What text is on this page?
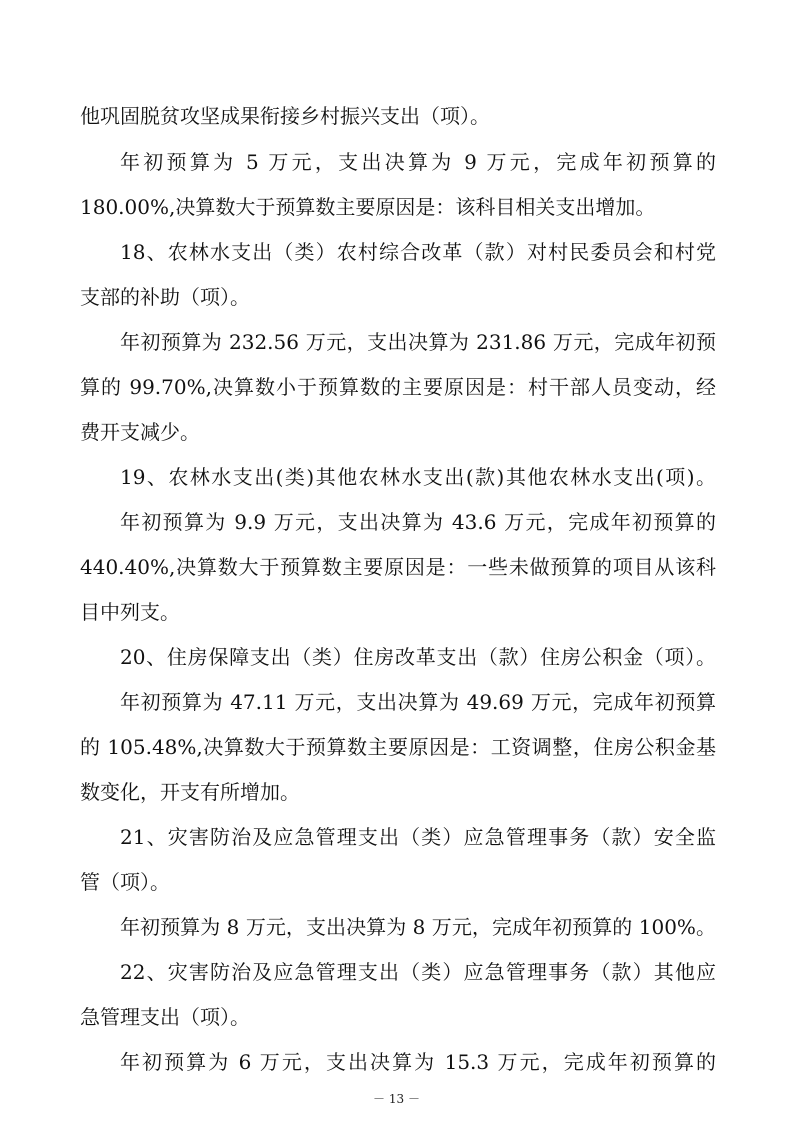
他巩固脱贫攻坚成果衔接乡村振兴支出（项）。
年初预算为 5 万元，支出决算为 9 万元，完成年初预算的
180.00%,决算数大于预算数主要原因是：该科目相关支出增加。
18、农林水支出（类）农村综合改革（款）对村民委员会和村党
支部的补助（项）。
年初预算为 232.56 万元，支出决算为 231.86 万元，完成年初预
算的 99.70%,决算数小于预算数的主要原因是：村干部人员变动，经
费开支减少。
19、农林水支出(类)其他农林水支出(款)其他农林水支出(项)。
年初预算为 9.9 万元，支出决算为 43.6 万元，完成年初预算的
440.40%,决算数大于预算数主要原因是：一些未做预算的项目从该科
目中列支。
20、住房保障支出（类）住房改革支出（款）住房公积金（项）。
年初预算为 47.11 万元，支出决算为 49.69 万元，完成年初预算
的 105.48%,决算数大于预算数主要原因是：工资调整，住房公积金基
数变化，开支有所增加。
21、灾害防治及应急管理支出（类）应急管理事务（款）安全监
管（项）。
年初预算为 8 万元，支出决算为 8 万元，完成年初预算的 100%。
22、灾害防治及应急管理支出（类）应急管理事务（款）其他应
急管理支出（项）。
年初预算为 6 万元，支出决算为 15.3 万元，完成年初预算的
－ 13 －
